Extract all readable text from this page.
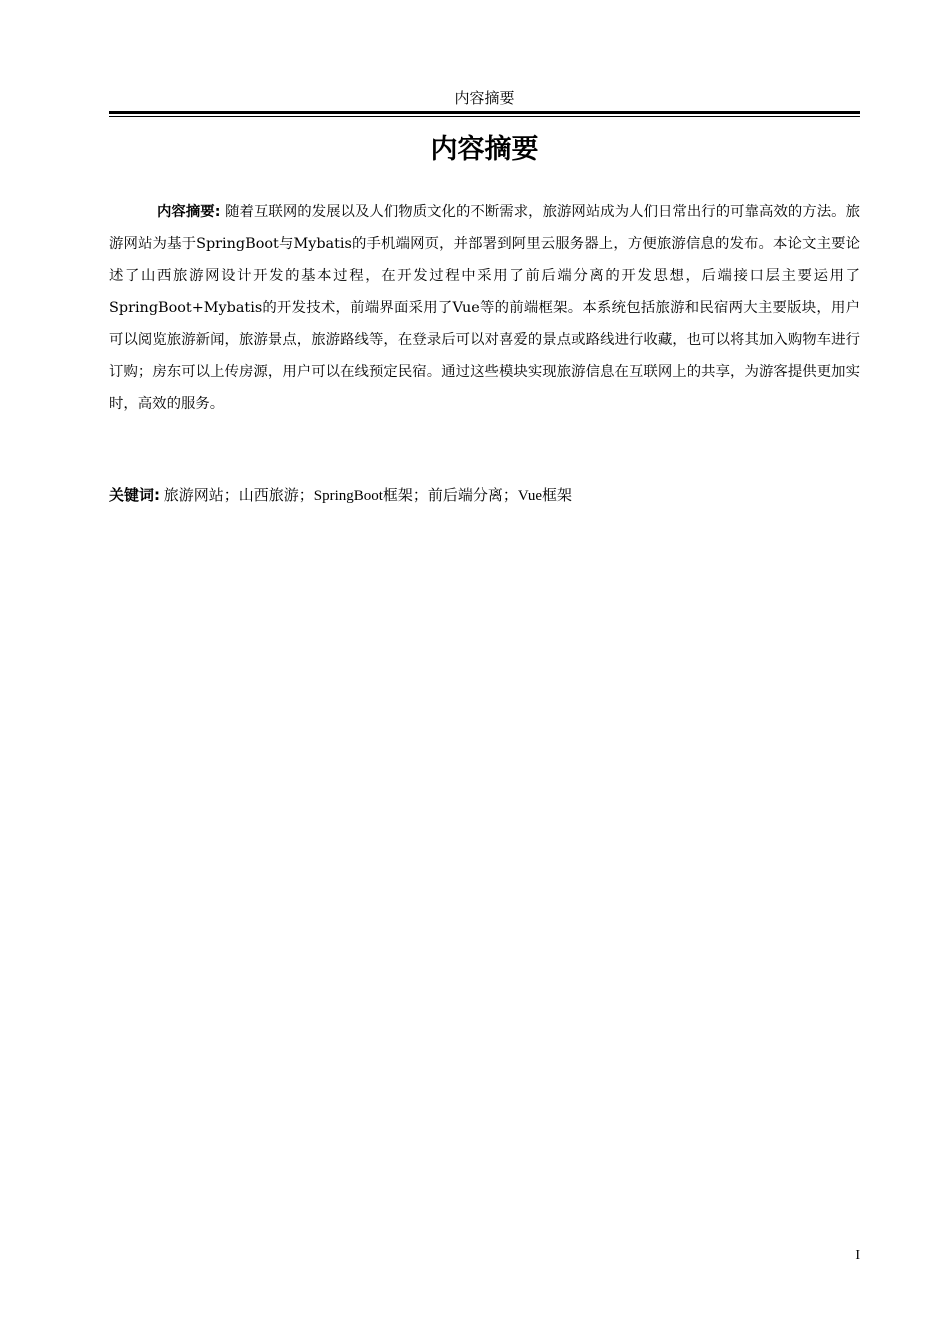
内容摘要
内容摘要

内容摘要: 随着互联网的发展以及人们物质文化的不断需求，旅游网站成为人们日常出行的可靠高效的方法。旅游网站为基于SpringBoot与Mybatis的手机端网页，并部署到阿里云服务器上，方便旅游信息的发布。本论文主要论述了山西旅游网设计开发的基本过程，在开发过程中采用了前后端分离的开发思想，后端接口层主要运用了SpringBoot+Mybatis的开发技术，前端界面采用了Vue等的前端框架。本系统包括旅游和民宿两大主要版块，用户可以阅览旅游新闻，旅游景点，旅游路线等，在登录后可以对喜爱的景点或路线进行收藏，也可以将其加入购物车进行订购；房东可以上传房源，用户可以在线预定民宿。通过这些模块实现旅游信息在互联网上的共享，为游客提供更加实时，高效的服务。

关键词: 旅游网站；山西旅游；SpringBoot框架；前后端分离；Vue框架

I
